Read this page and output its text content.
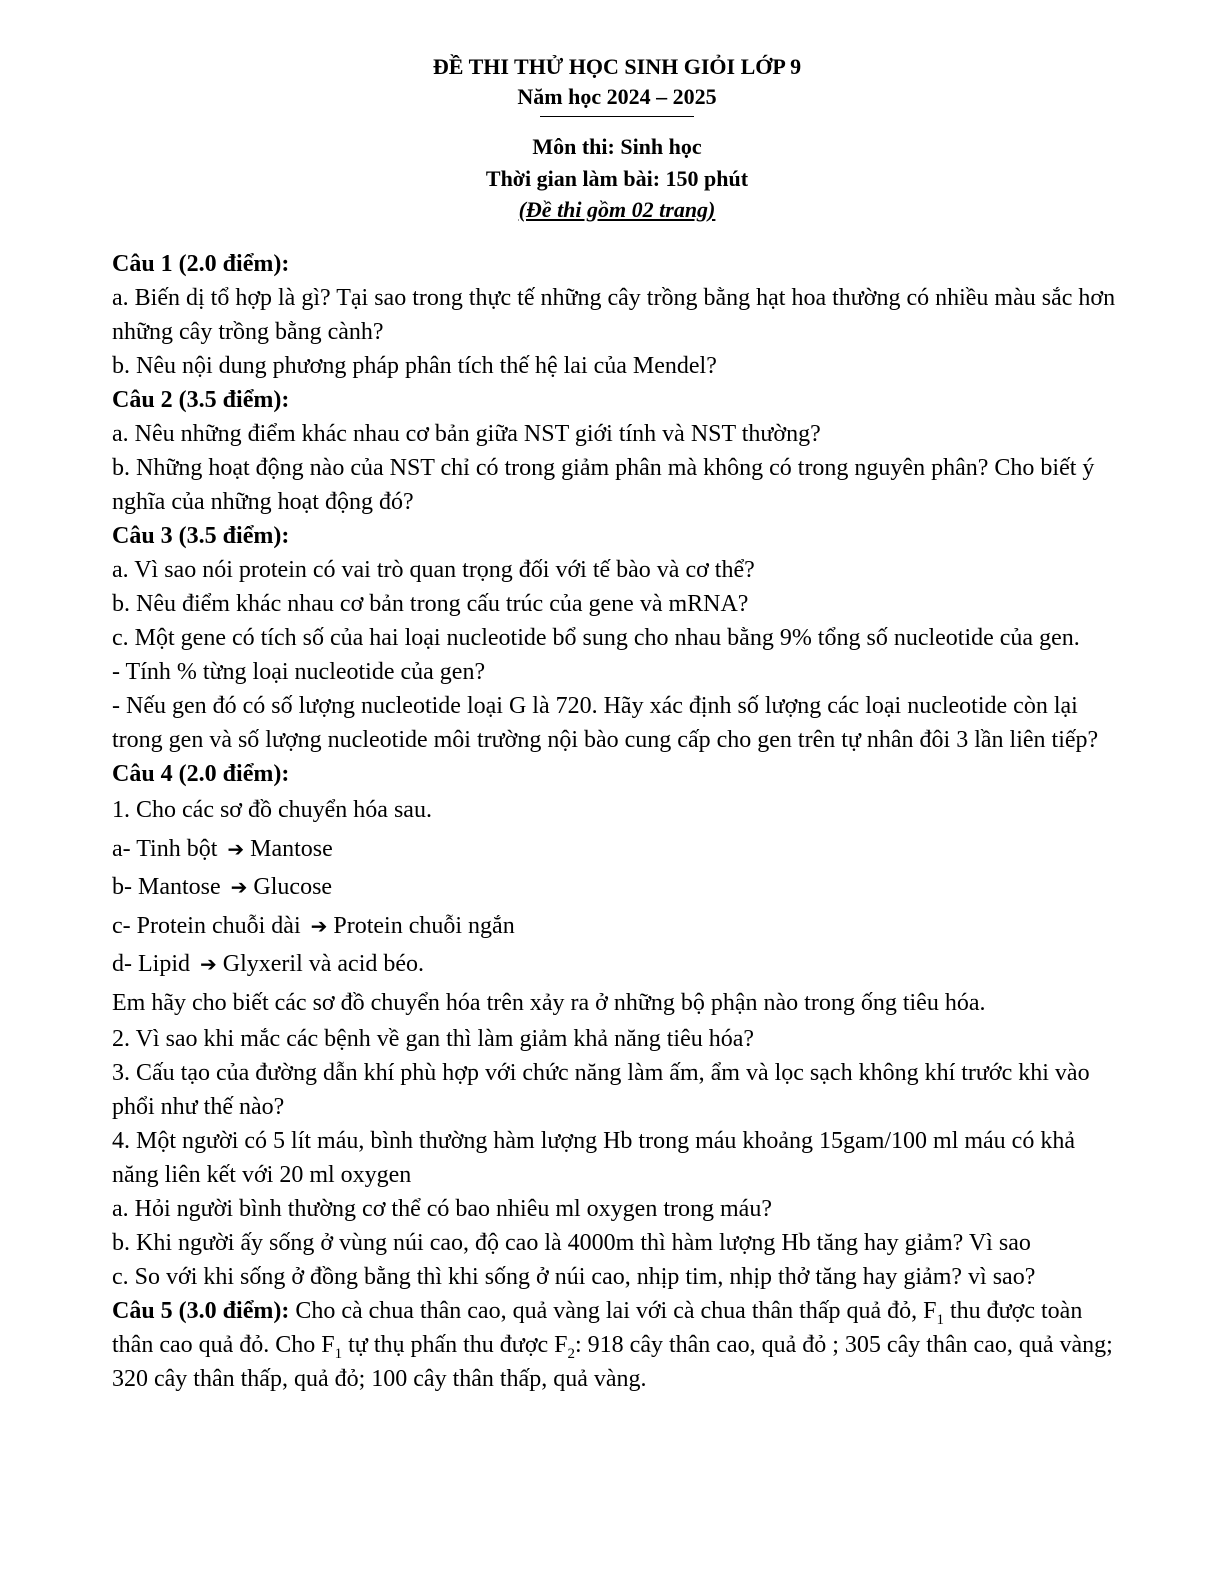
ĐỀ THI THỬ HỌC SINH GIỎI LỚP 9
Năm học 2024 – 2025
Môn thi: Sinh học
Thời gian làm bài: 150 phút
(Đề thi gồm 02 trang)

Câu 1 (2.0 điểm):

a. Biến dị tổ hợp là gì? Tại sao trong thực tế những cây trồng bằng hạt hoa thường có nhiều màu sắc hơn những cây trồng bằng cành?

b. Nêu nội dung phương pháp phân tích thế hệ lai của Mendel?

Câu 2 (3.5 điểm):

a. Nêu những điểm khác nhau cơ bản giữa NST giới tính và NST thường?

b. Những hoạt động nào của NST chỉ có trong giảm phân mà không có trong nguyên phân? Cho biết ý nghĩa của những hoạt động đó?

Câu 3 (3.5 điểm):

a. Vì sao nói protein có vai trò quan trọng đối với tế bào và cơ thể?

b. Nêu điểm khác nhau cơ bản trong cấu trúc của gene và mRNA?

c. Một gene có tích số của hai loại nucleotide bổ sung cho nhau bằng 9% tổng số nucleotide của gen.

- Tính % từng loại nucleotide của gen?

- Nếu gen đó có số lượng nucleotide loại G là 720. Hãy xác định số lượng các loại nucleotide còn lại trong gen và số lượng nucleotide môi trường nội bào cung cấp cho gen trên tự nhân đôi 3 lần liên tiếp?

Câu 4 (2.0 điểm):

1. Cho các sơ đồ chuyển hóa sau.

a- Tinh bột ➔ Mantose

b- Mantose ➔ Glucose

c- Protein chuỗi dài ➔ Protein chuỗi ngắn

d- Lipid ➔ Glyxeril và acid béo.

Em hãy cho biết các sơ đồ chuyển hóa trên xảy ra ở những bộ phận nào trong ống tiêu hóa.

2. Vì sao khi mắc các bệnh về gan thì làm giảm khả năng tiêu hóa?

3. Cấu tạo của đường dẫn khí phù hợp với chức năng làm ấm, ẩm và lọc sạch không khí trước khi vào phổi như thế nào?

4. Một người có 5 lít máu, bình thường hàm lượng Hb trong máu khoảng 15gam/100 ml máu có khả năng liên kết với 20 ml oxygen

a. Hỏi người bình thường cơ thể có bao nhiêu ml oxygen trong máu?

b. Khi người ấy sống ở vùng núi cao, độ cao là 4000m thì hàm lượng Hb tăng hay giảm? Vì sao

c. So với khi sống ở đồng bằng thì khi sống ở núi cao, nhịp tim, nhịp thở tăng hay giảm? vì sao?

Câu 5 (3.0 điểm): Cho cà chua thân cao, quả vàng lai với cà chua thân thấp quả đỏ, $F_1$ thu được toàn thân cao quả đỏ. Cho $F_1$ tự thụ phấn thu được $F_2$: 918 cây thân cao, quả đỏ ; 305 cây thân cao, quả vàng; 320 cây thân thấp, quả đỏ; 100 cây thân thấp, quả vàng.
